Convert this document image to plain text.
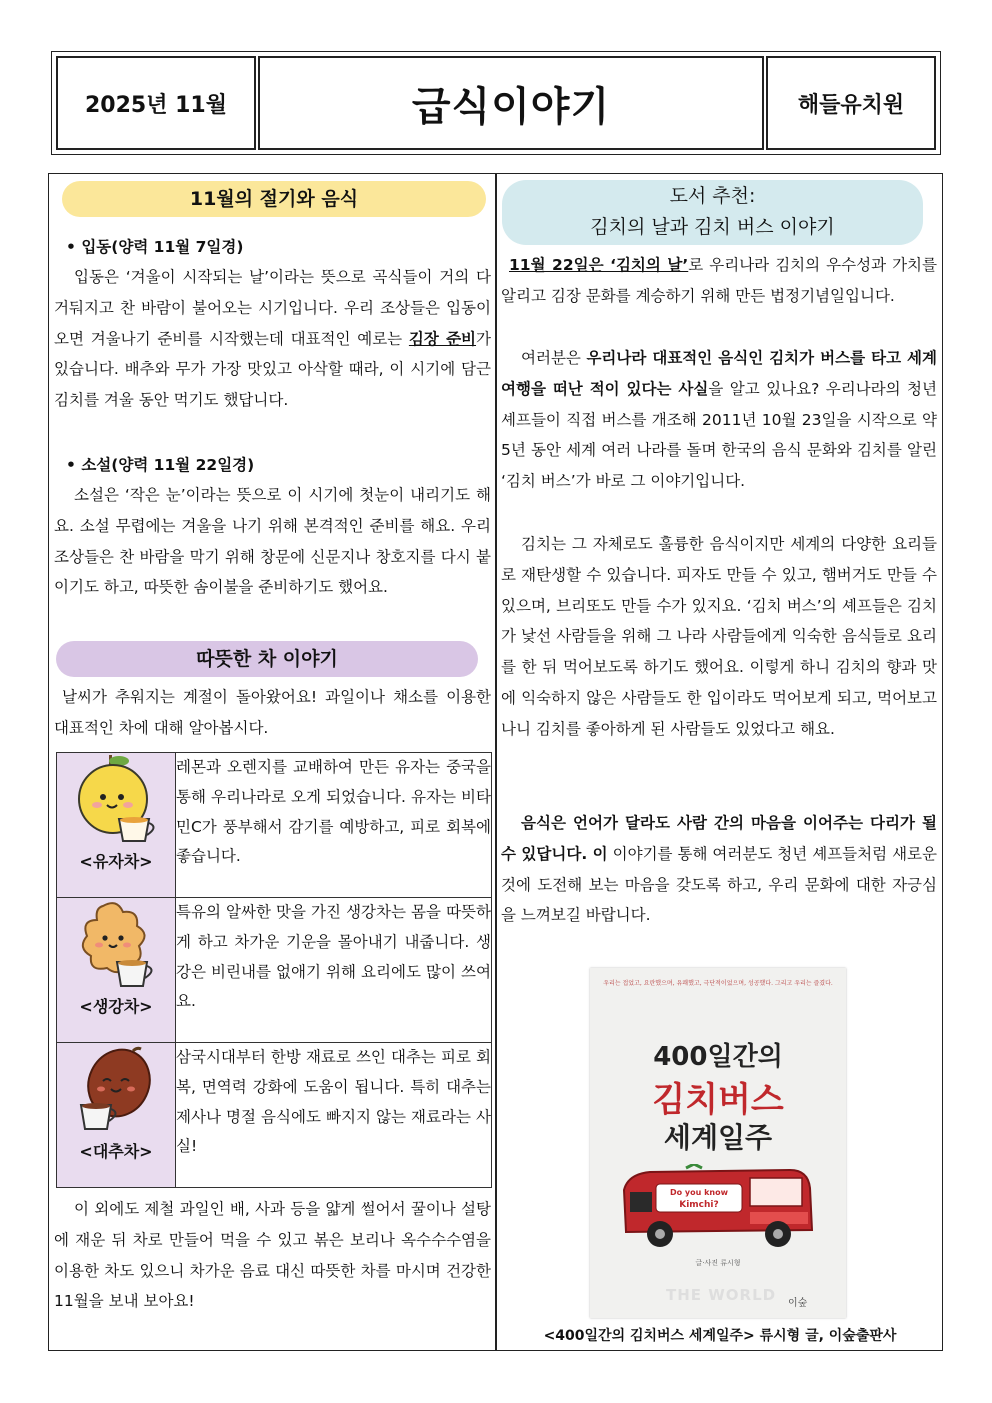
2025년 11월	급식이야기	해들유치원
11월의 절기와 음식
• 입동(양력 11월 7일경)

입동은 ‘겨울이 시작되는 날’이라는 뜻으로 곡식들이 거의 다 거둬지고 찬 바람이 불어오는 시기입니다. 우리 조상들은 입동이 오면 겨울나기 준비를 시작했는데 대표적인 예로는 김장 준비가 있습니다. 배추와 무가 가장 맛있고 아삭할 때라, 이 시기에 담근 김치를 겨울 동안 먹기도 했답니다.

• 소설(양력 11월 22일경)

소설은 ‘작은 눈’이라는 뜻으로 이 시기에 첫눈이 내리기도 해요. 소설 무렵에는 겨울을 나기 위해 본격적인 준비를 해요. 우리 조상들은 찬 바람을 막기 위해 창문에 신문지나 창호지를 다시 붙이기도 하고, 따뜻한 솜이불을 준비하기도 했어요.

따뜻한 차 이야기

날씨가 추워지는 계절이 돌아왔어요! 과일이나 채소를 이용한 대표적인 차에 대해 알아봅시다.

<유자차>	레몬과 오렌지를 교배하여 만든 유자는 중국을 통해 우리나라로 오게 되었습니다. 유자는 비타민C가 풍부해서 감기를 예방하고, 피로 회복에 좋습니다.

<생강차>	특유의 알싸한 맛을 가진 생강차는 몸을 따뜻하게 하고 차가운 기운을 몰아내기 내줍니다. 생강은 비린내를 없애기 위해 요리에도 많이 쓰여요.

<대추차>	삼국시대부터 한방 재료로 쓰인 대추는 피로 회복, 면역력 강화에 도움이 됩니다. 특히 대추는 제사나 명절 음식에도 빠지지 않는 재료라는 사실!

이 외에도 제철 과일인 배, 사과 등을 얇게 썰어서 꿀이나 설탕에 재운 뒤 차로 만들어 먹을 수 있고 볶은 보리나 옥수수수염을 이용한 차도 있으니 차가운 음료 대신 따뜻한 차를 마시며 건강한 11월을 보내 보아요!

도서 추천:
김치의 날과 김치 버스 이야기

11월 22일은 ‘김치의 날’로 우리나라 김치의 우수성과 가치를 알리고 김장 문화를 계승하기 위해 만든 법정기념일입니다.

여러분은 우리나라 대표적인 음식인 김치가 버스를 타고 세계 여행을 떠난 적이 있다는 사실을 알고 있나요? 우리나라의 청년 셰프들이 직접 버스를 개조해 2011년 10월 23일을 시작으로 약 5년 동안 세계 여러 나라를 돌며 한국의 음식 문화와 김치를 알린 ‘김치 버스’가 바로 그 이야기입니다.

김치는 그 자체로도 훌륭한 음식이지만 세계의 다양한 요리들로 재탄생할 수 있습니다. 피자도 만들 수 있고, 햄버거도 만들 수 있으며, 브리또도 만들 수가 있지요. ‘김치 버스’의 셰프들은 김치가 낯선 사람들을 위해 그 나라 사람들에게 익숙한 음식들로 요리를 한 뒤 먹어보도록 하기도 했어요. 이렇게 하니 김치의 향과 맛에 익숙하지 않은 사람들도 한 입이라도 먹어보게 되고, 먹어보고 나니 김치를 좋아하게 된 사람들도 있었다고 해요.

음식은 언어가 달라도 사람 간의 마음을 이어주는 다리가 될 수 있답니다. 이 이야기를 통해 여러분도 청년 셰프들처럼 새로운 것에 도전해 보는 마음을 갖도록 하고, 우리 문화에 대한 자긍심을 느껴보길 바랍니다.

우리는 접었고, 요란했으며, 유쾌했고, 극단적이었으며, 성공했다. 그리고 우리는 즐겼다.
400일간의
김치버스
세계일주
Do you know
Kimchi?
글·사진 류시형
THE WORLD 이숲
<400일간의 김치버스 세계일주> 류시형 글, 이숲출판사
